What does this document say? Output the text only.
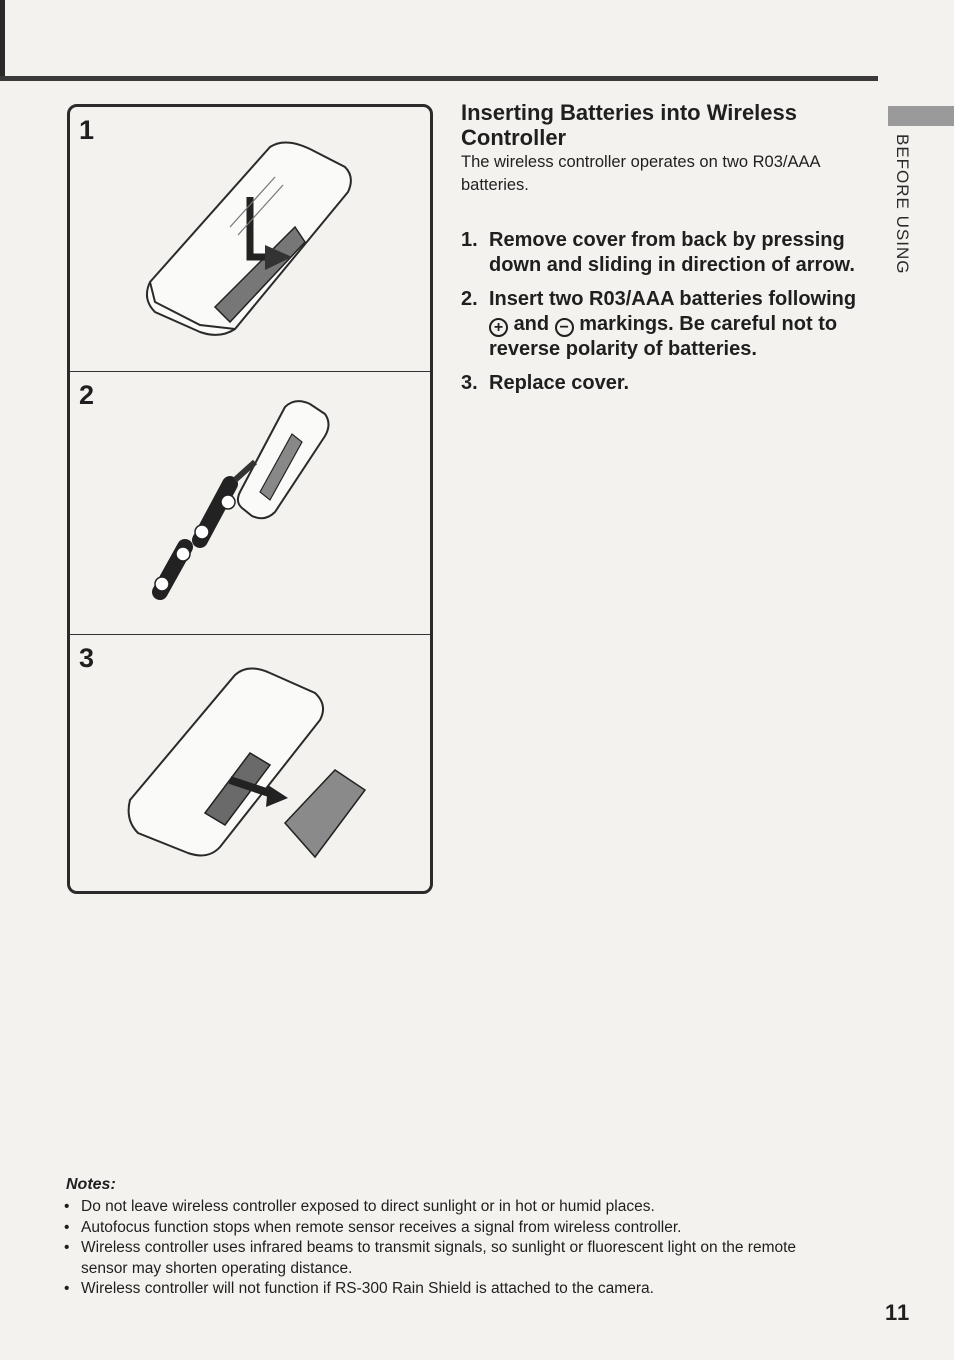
1
2
3
Inserting Batteries into Wireless Controller

The wireless controller operates on two R03/AAA batteries.

1. Remove cover from back by pressing down and sliding in direction of arrow.
2. Insert two R03/AAA batteries following + and − markings. Be careful not to reverse polarity of batteries.
3. Replace cover.

BEFORE USING

Notes:

• Do not leave wireless controller exposed to direct sunlight or in hot or humid places.
• Autofocus function stops when remote sensor receives a signal from wireless controller.
• Wireless controller uses infrared beams to transmit signals, so sunlight or fluorescent light on the remote sensor may shorten operating distance.
• Wireless controller will not function if RS-300 Rain Shield is attached to the camera.

11
